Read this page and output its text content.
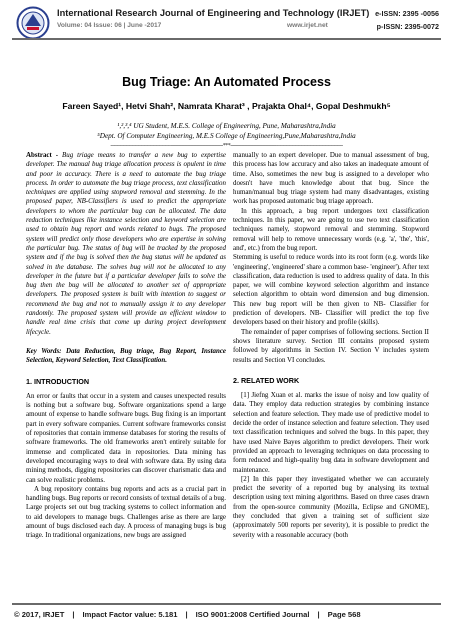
International Research Journal of Engineering and Technology (IRJET)
Volume: 04 Issue: 06 | June -2017	www.irjet.net
e-ISSN: 2395 -0056
p-ISSN: 2395-0072
Bug Triage: An Automated Process
Fareen Sayed¹, Hetvi Shah², Namrata Kharat³ , Prajakta Ohal⁴, Gopal Deshmukh⁵
¹,²,³,⁴ UG Student, M.E.S. College of Engineering, Pune, Maharashtra,India
⁵Dept. Of Computer Engineering, M.E.S College of Engineering,Pune,Maharashtra,India
---------------------------------------------------------------------------***---------------------------------------------------------------------------

Abstract - Bug triage means to transfer a new bug to expertise developer. The manual bug triage allocation process is opulent in time and poor in accuracy. There is a need to automate the bug triage process. In order to automate the bug triage process, text classification techniques are applied using stopword removal and stemming. In the proposed paper, NB-Classifiers is used to predict the appropriate developers to whom the particular bug can be allocated. The data reduction techniques like instance selection and keyword selection are used to obtain bug report and words related to bugs. The proposed system will predict only those developers who are expertise in solving the particular bug. The status of bug will be tracked by the proposed system and if the bug is solved then the bug status will be updated as solved in the database. The solves bug will not be allocated to any developer in the future but if a particular developer fails to solve the bug then the bug will be allocated to another set of appropriate developers. The proposed system is built with intention to suggest or recommend the bug and not to manually assign it to any developer randomly. The proposed system will provide an efficient window to handle real time crisis that come up during project development lifecycle.

Key Words: Data Reduction, Bug triage, Bug Report, Instance Selection, Keyword Selection, Text Classification.

1. INTRODUCTION

An error or faults that occur in a system and causes unexpected results is nothing but a software bug. Software organizations spend a large amount of expense to handle software bugs. Bug fixing is an important part in every software companies. Current software frameworks consist of repositories that contain immense databases for storing the results of software frameworks. The old frameworks aren't entirely suitable for immense and complicated data in repositories. Data mining has developed encouraging ways to deal with software data. By using data mining methods, digging repositories can discover charismatic data and can solve realistic problems.

A bug repository contains bug reports and acts as a crucial part in handling bugs. Bug reports or record consists of textual details of a bug. Large projects set out bug tracking systems to collect information and to aid developers to manage bugs. Challenges arise as there are large amount of bugs disclosed each day. A process of managing bugs is bug triage. In traditional organizations, new bugs are assigned

manually to an expert developer. Due to manual assessment of bug, this process has low accuracy and also takes an inadequate amount of time. Also, sometimes the new bug is assigned to a developer who doesn't have much knowledge about that bug. Since the human/manual bug triage system had many disadvantages, existing work has proposed automatic bug triage approach.

In this approach, a bug report undergoes text classification techniques. In this paper, we are going to use two text classification techniques namely, stopword removal and stemming. Stopword removal will help to remove unnecessary words (e.g. 'a', 'the', 'this', and', etc.) from the bug report.

Stemming is useful to reduce words into its root form (e.g. words like 'engineering', 'engineered' share a common base- 'engineer'). After text classification, data reduction is used to address quality of data. In this paper, we will combine keyword selection algorithm and instance selection algorithm to obtain word dimension and bug dimension. This new bug report will be then given to NB- Classifier for prediction of developers. NB- Classifier will predict the top five developers based on their history and profile (skills).

The remainder of paper comprises of following sections. Section II shows literature survey. Section III contains proposed system followed by algorithms in Section IV. Section V includes system results and Section VI concludes.

2. RELATED WORK

[1] Jiefng Xuan et al. marks the issue of noisy and low quality of data. They employ data reduction strategies by combining instance selection and feature selection. They made use of predictive model to decide the order of instance selection and feature selection. They used text classification techniques and solved the bugs. In this paper, they have used Naive Bayes algorithm to predict developers. Their work provided an approach to leveraging techniques on data processing to form reduced and high-quality bug data in software development and maintenance.

[2] In this paper they investigated whether we can accurately predict the severity of a reported bug by analysing its textual description using text mining algorithms. Based on three cases drawn from the open-source community (Mozilla, Eclipse and GNOME), they concluded that given a training set of sufficient size (approximately 500 reports per severity), it is possible to predict the severity with a reasonable accuracy (both

© 2017, IRJET | Impact Factor value: 5.181 | ISO 9001:2008 Certified Journal | Page 568
